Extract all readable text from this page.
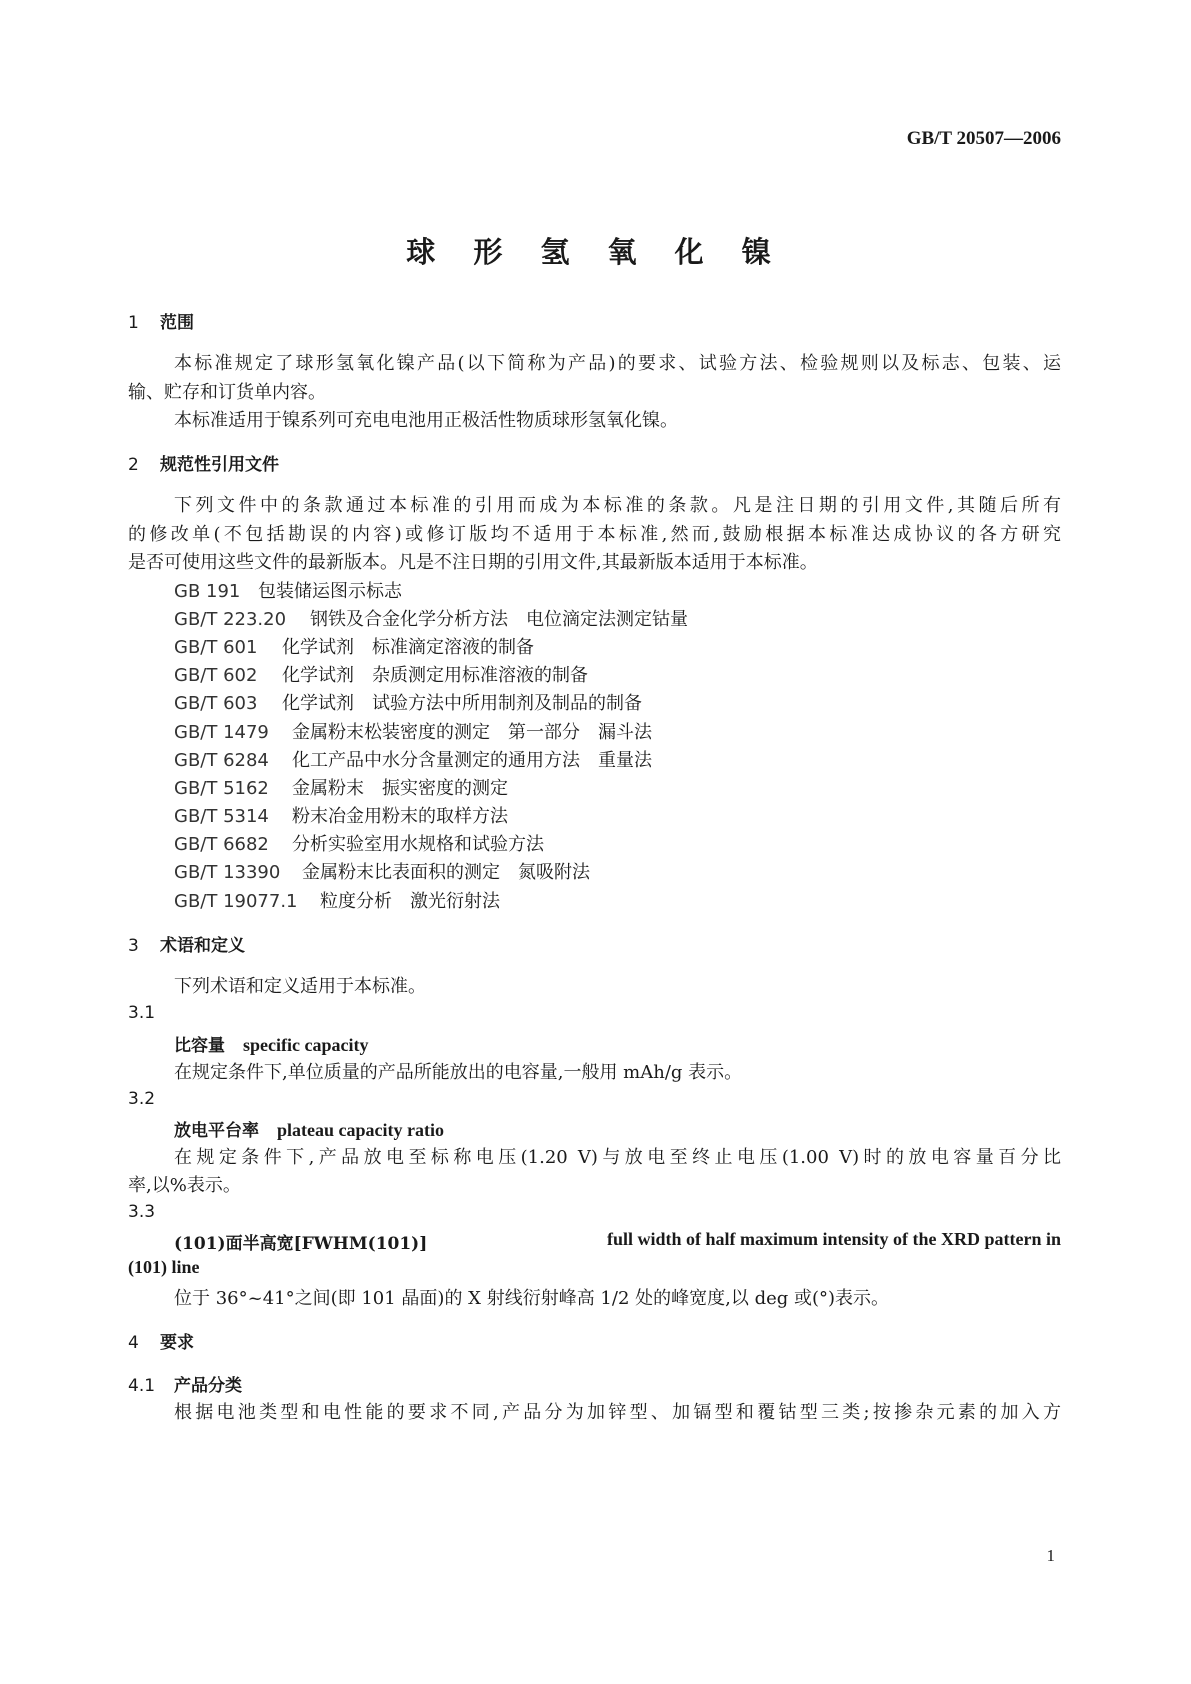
GB/T 20507—2006
球 形 氢 氧 化 镍
1 范围
本标准规定了球形氢氧化镍产品(以下简称为产品)的要求、试验方法、检验规则以及标志、包装、运
输、贮存和订货单内容。
本标准适用于镍系列可充电电池用正极活性物质球形氢氧化镍。
2 规范性引用文件
下列文件中的条款通过本标准的引用而成为本标准的条款。凡是注日期的引用文件,其随后所有
的修改单(不包括勘误的内容)或修订版均不适用于本标准,然而,鼓励根据本标准达成协议的各方研究
是否可使用这些文件的最新版本。凡是不注日期的引用文件,其最新版本适用于本标准。
GB 191 包装储运图示标志
GB/T 223.20 钢铁及合金化学分析方法　电位滴定法测定钴量
GB/T 601 化学试剂　标准滴定溶液的制备
GB/T 602 化学试剂　杂质测定用标准溶液的制备
GB/T 603 化学试剂　试验方法中所用制剂及制品的制备
GB/T 1479 金属粉末松装密度的测定　第一部分　漏斗法
GB/T 6284 化工产品中水分含量测定的通用方法　重量法
GB/T 5162 金属粉末　振实密度的测定
GB/T 5314 粉末冶金用粉末的取样方法
GB/T 6682 分析实验室用水规格和试验方法
GB/T 13390 金属粉末比表面积的测定　氮吸附法
GB/T 19077.1 粒度分析　激光衍射法
3 术语和定义
下列术语和定义适用于本标准。
3.1
比容量 specific capacity
在规定条件下,单位质量的产品所能放出的电容量,一般用 mAh/g 表示。
3.2
放电平台率 plateau capacity ratio
在规定条件下,产品放电至标称电压(1.20 V)与放电至终止电压(1.00 V)时的放电容量百分比
率,以%表示。
3.3
(101)面半高宽[FWHM(101)]	full width of half maximum intensity of the XRD pattern in
(101) line
位于 36°~41°之间(即 101 晶面)的 X 射线衍射峰高 1/2 处的峰宽度,以 deg 或(°)表示。
4 要求
4.1 产品分类
根据电池类型和电性能的要求不同,产品分为加锌型、加镉型和覆钴型三类;按掺杂元素的加入方
1
